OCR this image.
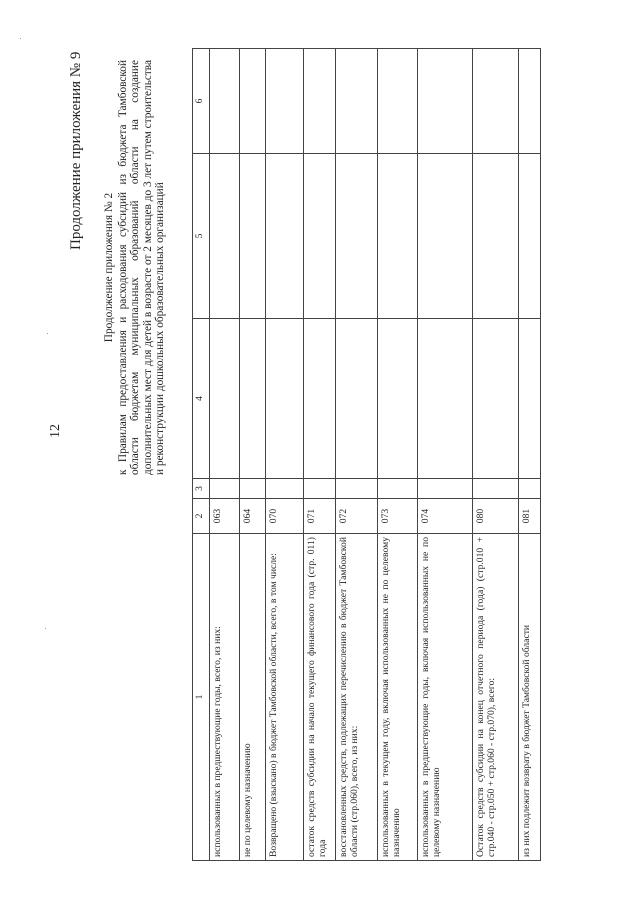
12
Продолжение приложения № 9
Продолжение приложения № 2 к Правилам предоставления и расходования субсидий из бюджета Тамбовской области бюджетам муниципальных образований области на создание дополнительных мест для детей в возрасте от 2 месяцев до 3 лет путем строительства и реконструкции дошкольных образовательных организаций
1	2	3	4	5	6
использованных в предшествующие годы, всего, из них:	063				
не по целевому назначению	064				
Возвращено (взыскано) в бюджет Тамбовской области, всего, в том числе:	070				
остаток средств субсидии на начало текущего финансового года (стр. 011) года	071				
восстановленных средств, подлежащих перечислению в бюджет Тамбовской области (стр.060), всего, из них:	072				
использованных в текущем году, включая использованных не по целевому назначению	073				
использованных в предшествующие годы, включая использованных не по целевому назначению	074				
Остаток средств субсидии на конец отчетного периода (года) (стр.010 + стр.040 - стр.050 + стр.060 - стр.070), всего:	080				
из них подлежит возврату в бюджет Тамбовской области	081				
